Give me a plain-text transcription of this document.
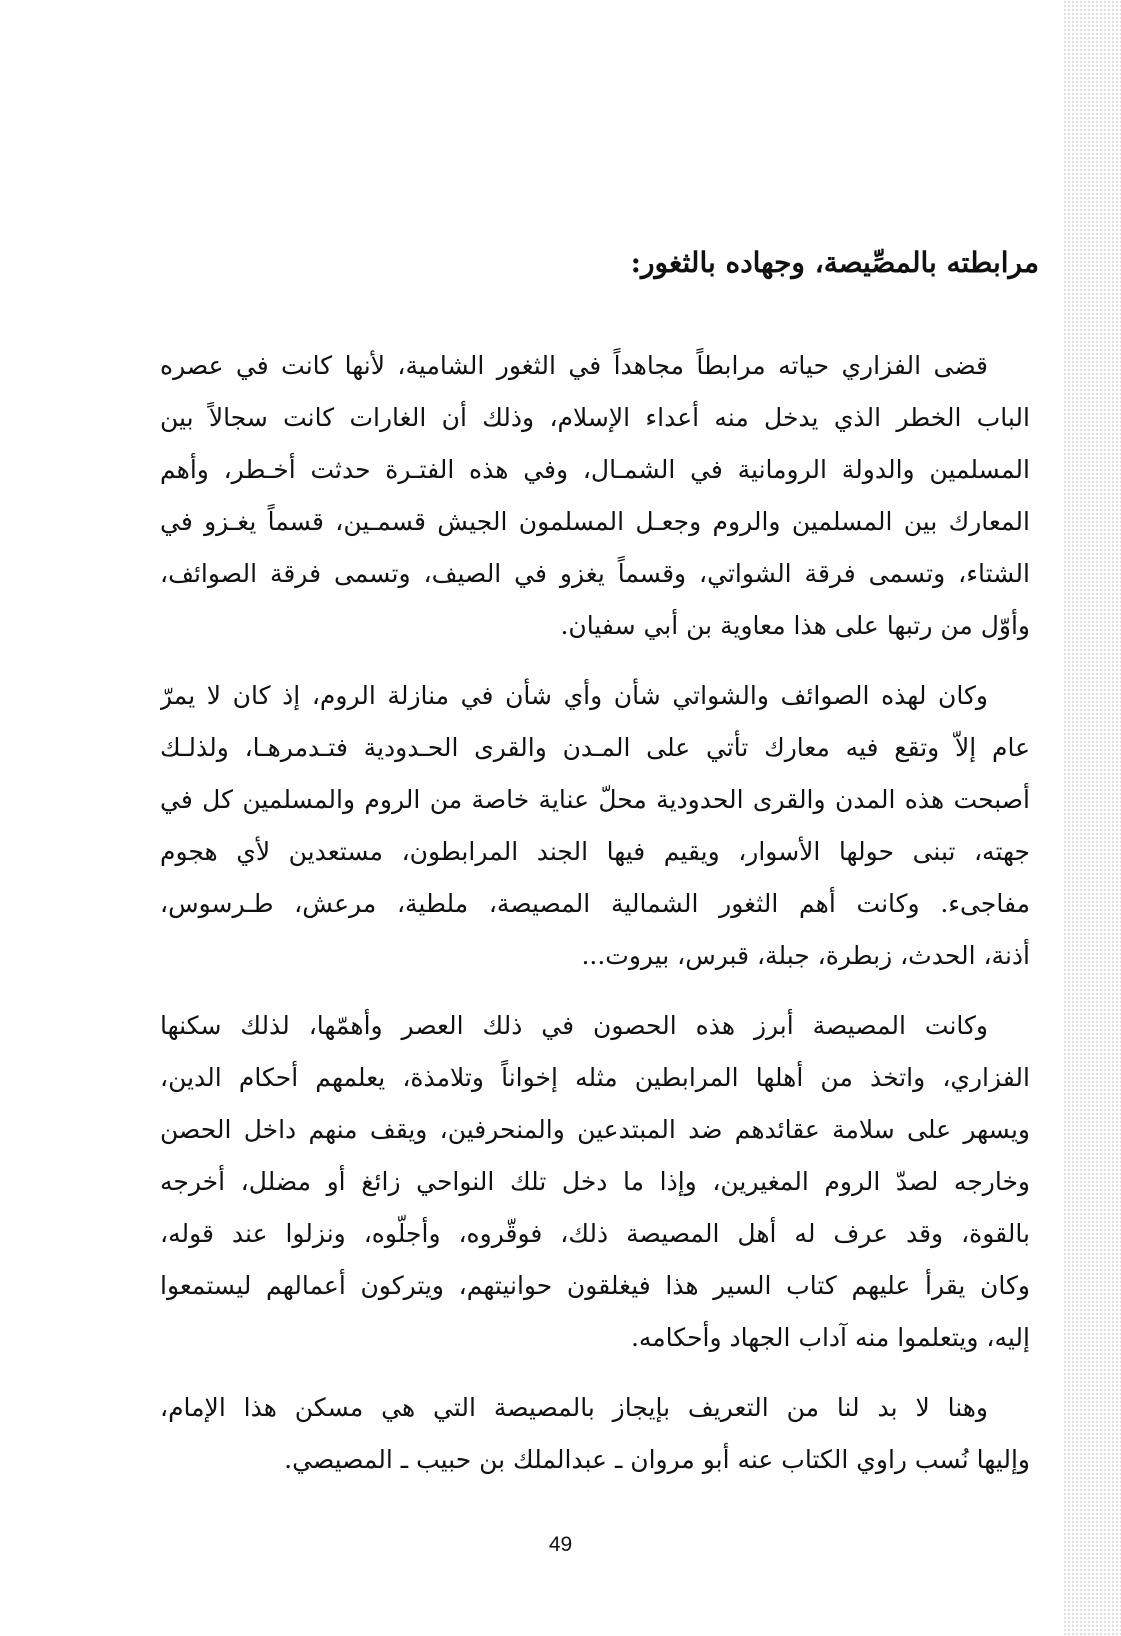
مرابطته بالمصِّيصة، وجهاده بالثغور:
قضى الفزاري حياته مرابطاً مجاهداً في الثغور الشامية، لأنها كانت في عصره
الباب الخطر الذي يدخل منه أعداء الإسلام، وذلك أن الغارات كانت سجالاً بين
المسلمين والدولة الرومانية في الشمـال، وفي هذه الفتـرة حدثت أخـطر، وأهم
المعارك بين المسلمين والروم وجعـل المسلمون الجيش قسمـين، قسماً يغـزو في
الشتاء، وتسمى فرقة الشواتي، وقسماً يغزو في الصيف، وتسمى فرقة الصوائف،
وأوّل من رتبها على هذا معاوية بن أبي سفيان.
وكان لهذه الصوائف والشواتي شأن وأي شأن في منازلة الروم، إذ كان لا يمرّ
عام إلاّ وتقع فيه معارك تأتي على المـدن والقرى الحـدودية فتـدمرهـا، ولذلـك
أصبحت هذه المدن والقرى الحدودية محلّ عناية خاصة من الروم والمسلمين كل في
جهته، تبنى حولها الأسوار، ويقيم فيها الجند المرابطون، مستعدين لأي هجوم
مفاجىء. وكانت أهم الثغور الشمالية المصيصة، ملطية، مرعش، طـرسوس،
أذنة، الحدث، زبطرة، جبلة، قبرس، بيروت...
وكانت المصيصة أبرز هذه الحصون في ذلك العصر وأهمّها، لذلك سكنها
الفزاري، واتخذ من أهلها المرابطين مثله إخواناً وتلامذة، يعلمهم أحكام الدين،
ويسهر على سلامة عقائدهم ضد المبتدعين والمنحرفين، ويقف منهم داخل الحصن
وخارجه لصدّ الروم المغيرين، وإذا ما دخل تلك النواحي زائغ أو مضلل، أخرجه
بالقوة، وقد عرف له أهل المصيصة ذلك، فوقّروه، وأجلّوه، ونزلوا عند قوله،
وكان يقرأ عليهم كتاب السير هذا فيغلقون حوانيتهم، ويتركون أعمالهم ليستمعوا
إليه، ويتعلموا منه آداب الجهاد وأحكامه.
وهنا لا بد لنا من التعريف بإيجاز بالمصيصة التي هي مسكن هذا الإمام،
وإليها نُسب راوي الكتاب عنه أبو مروان ـ عبدالملك بن حبيب ـ المصيصي.
49
